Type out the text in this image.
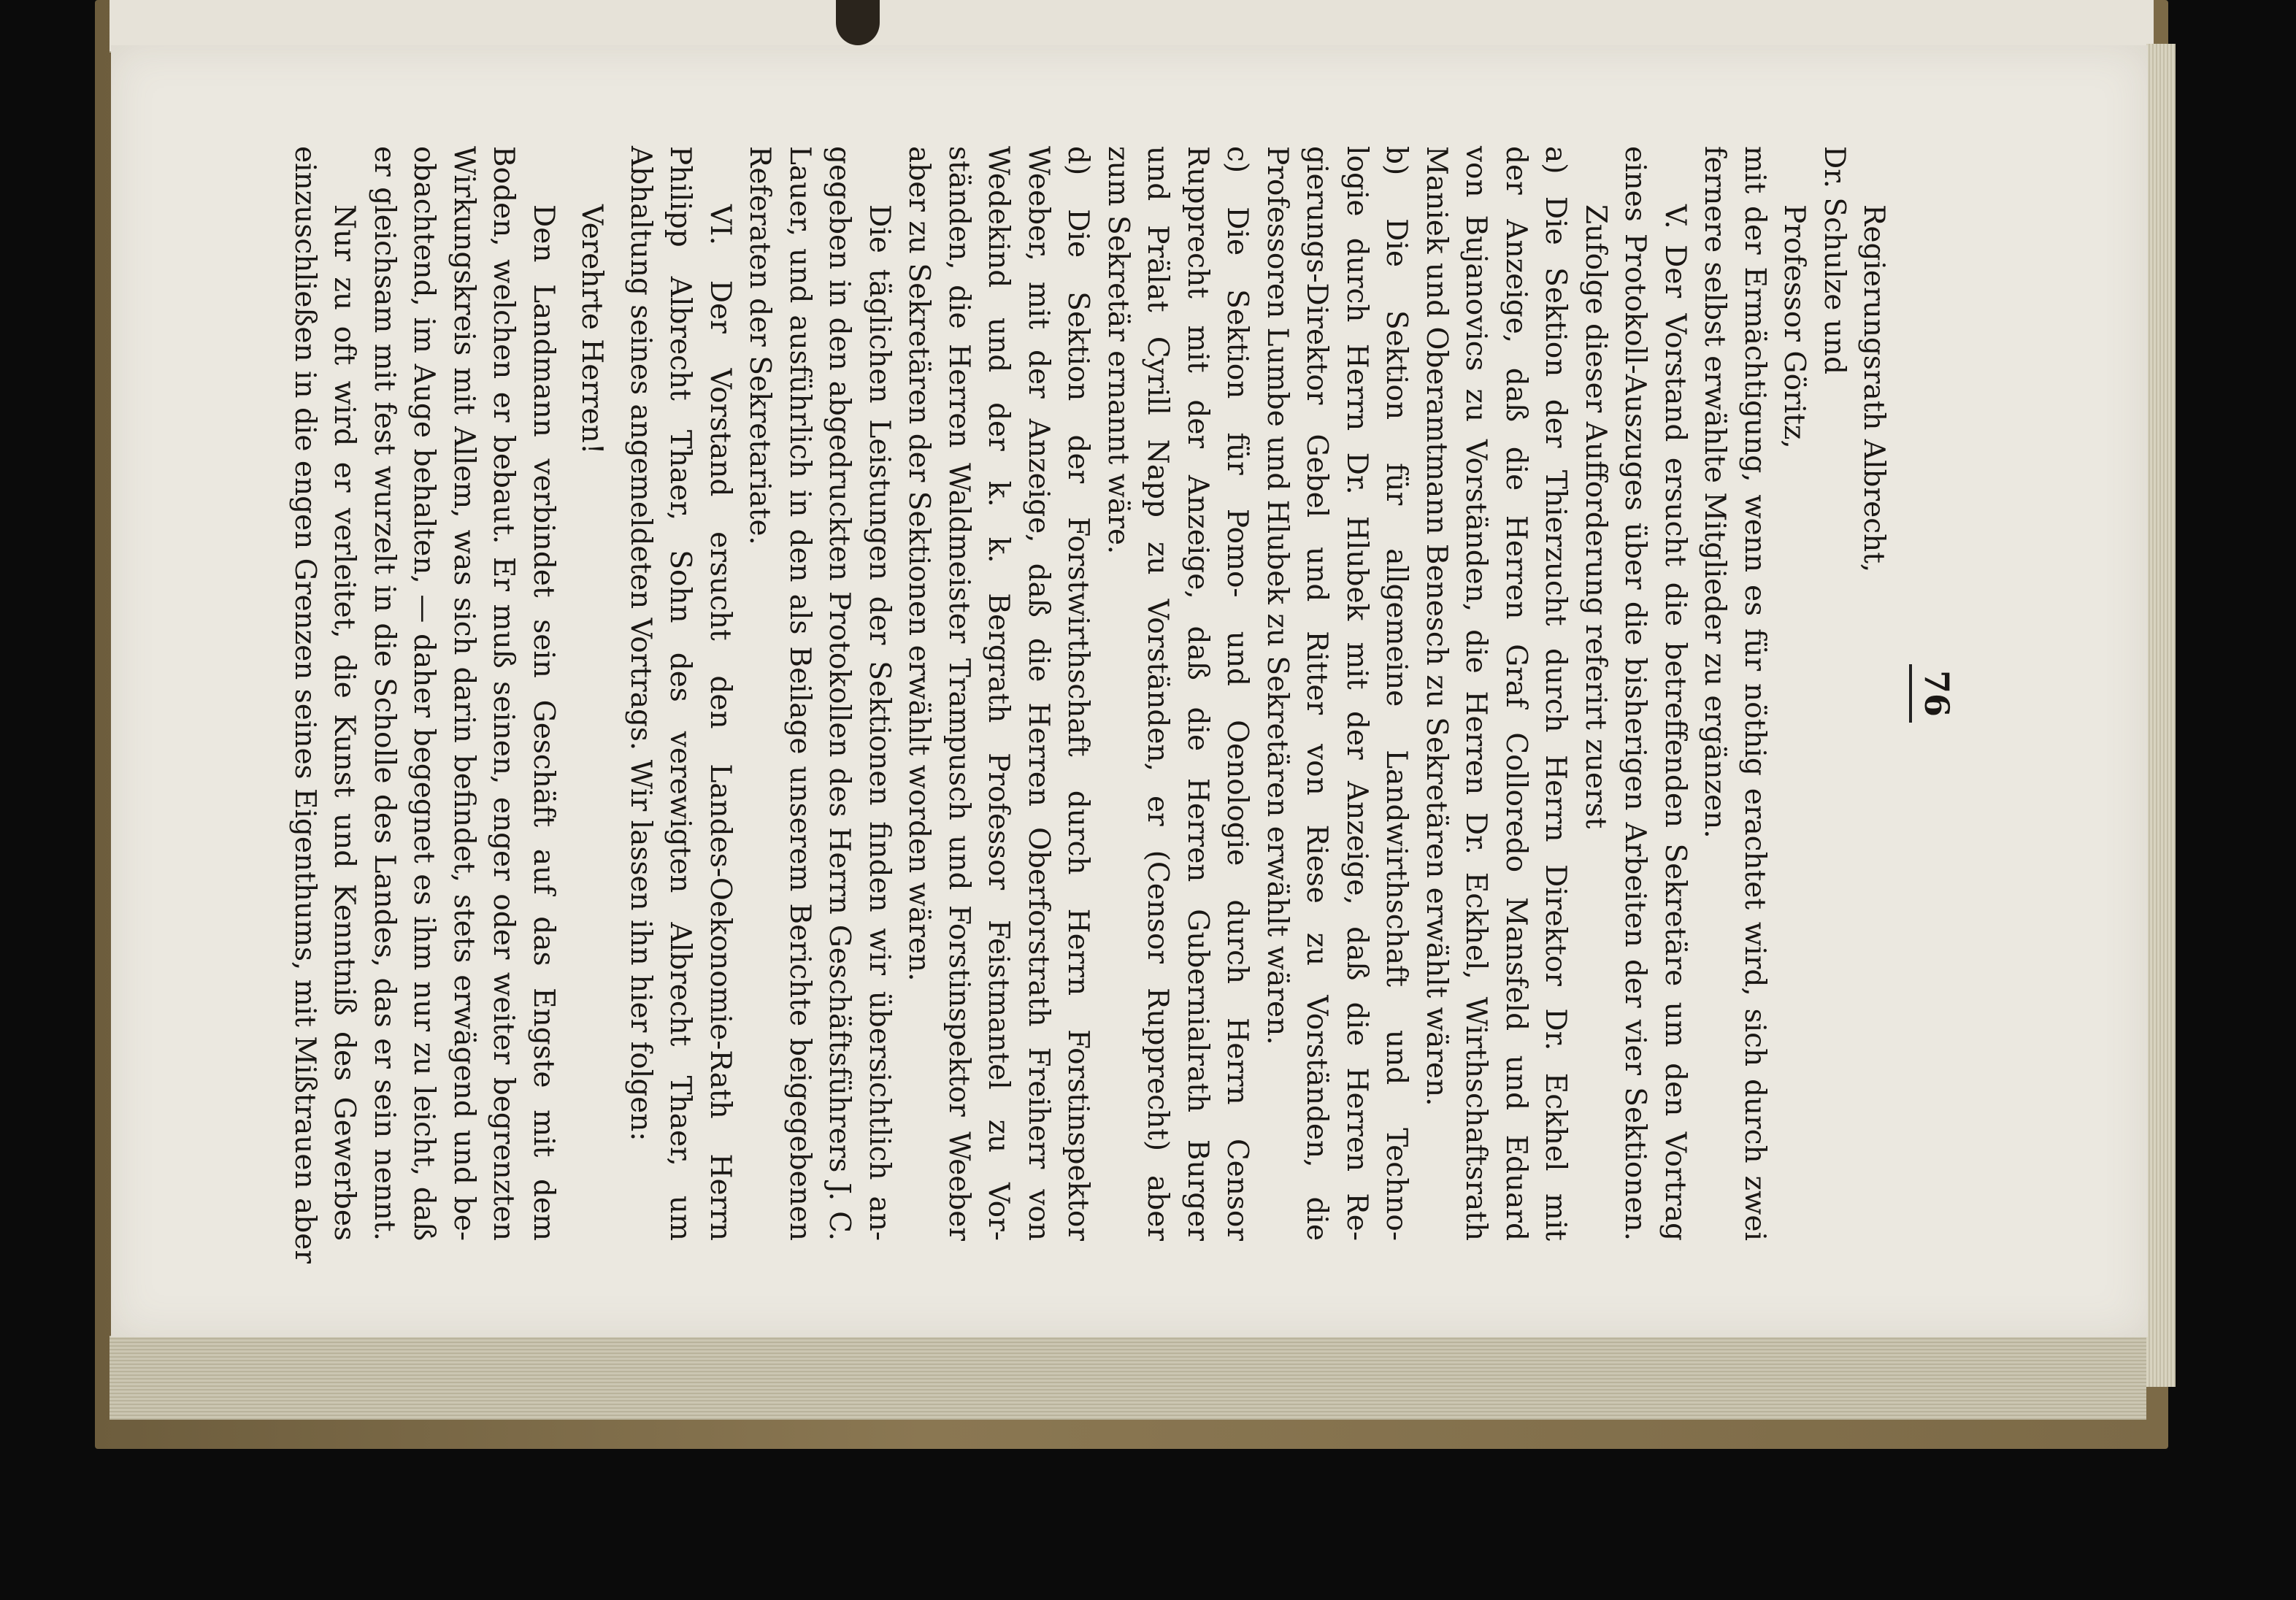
76
Regierungsrath Albrecht,
Dr. Schulze und
Professor Göritz,
mit der Ermächtigung, wenn es für nöthig erachtet wird, sich durch zwei
fernere selbst erwählte Mitglieder zu ergänzen.
V. Der Vorstand ersucht die betreffenden Sekretäre um den Vortrag
eines Protokoll-Auszuges über die bisherigen Arbeiten der vier Sektionen.
Zufolge dieser Aufforderung referirt zuerst
a) Die Sektion der Thierzucht durch Herrn Direktor Dr. Eckhel mit
der Anzeige, daß die Herren Graf Colloredo Mansfeld und Eduard
von Bujanovics zu Vorständen, die Herren Dr. Eckhel, Wirthschaftsrath
Maniek und Oberamtmann Benesch zu Sekretären erwählt wären.
b) Die Sektion für allgemeine Landwirthschaft und Techno-
logie durch Herrn Dr. Hlubek mit der Anzeige, daß die Herren Re-
gierungs-Direktor Gebel und Ritter von Riese zu Vorständen, die
Professoren Lumbe und Hlubek zu Sekretären erwählt wären.
c) Die Sektion für Pomo- und Oenologie durch Herrn Censor
Rupprecht mit der Anzeige, daß die Herren Gubernialrath Burger
und Prälat Cyrill Napp zu Vorständen, er (Censor Rupprecht) aber
zum Sekretär ernannt wäre.
d) Die Sektion der Forstwirthschaft durch Herrn Forstinspektor
Weeber, mit der Anzeige, daß die Herren Oberforstrath Freiherr von
Wedekind und der k. k. Bergrath Professor Feistmantel zu Vor-
ständen, die Herren Waldmeister Trampusch und Forstinspektor Weeber
aber zu Sekretären der Sektionen erwählt worden wären.
Die täglichen Leistungen der Sektionen finden wir übersichtlich an-
gegeben in den abgedruckten Protokollen des Herrn Geschäftsführers J. C.
Lauer, und ausführlich in den als Beilage unserem Berichte beigegebenen
Referaten der Sekretariate.
VI. Der Vorstand ersucht den Landes-Oekonomie-Rath Herrn
Philipp Albrecht Thaer, Sohn des verewigten Albrecht Thaer, um
Abhaltung seines angemeldeten Vortrags. Wir lassen ihn hier folgen:
Verehrte Herren!
Den Landmann verbindet sein Geschäft auf das Engste mit dem
Boden, welchen er bebaut. Er muß seinen, enger oder weiter begrenzten
Wirkungskreis mit Allem, was sich darin befindet, stets erwägend und be-
obachtend, im Auge behalten, — daher begegnet es ihm nur zu leicht, daß
er gleichsam mit fest wurzelt in die Scholle des Landes, das er sein nennt.
Nur zu oft wird er verleitet, die Kunst und Kenntniß des Gewerbes
einzuschließen in die engen Grenzen seines Eigenthums, mit Mißtrauen aber
